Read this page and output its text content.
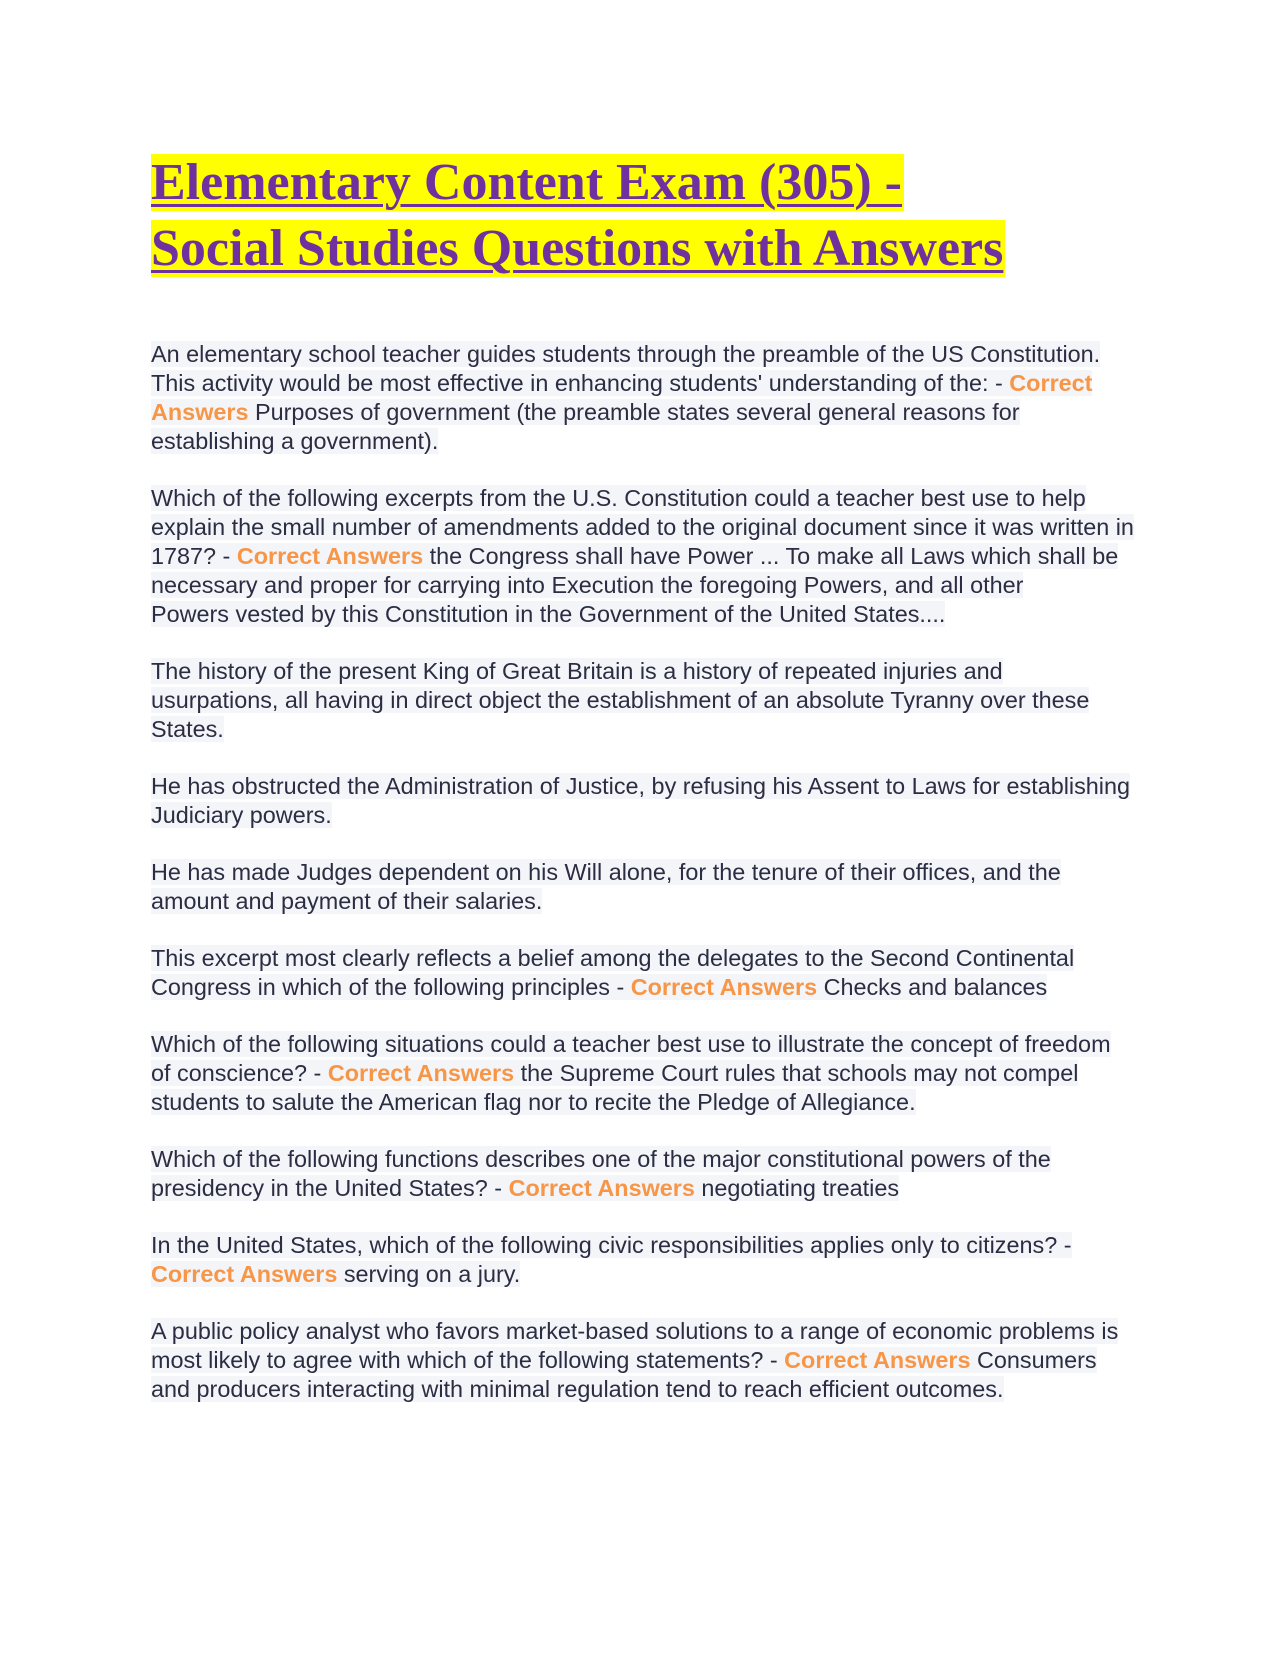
Elementary Content Exam (305) -
Social Studies Questions with Answers

An elementary school teacher guides students through the preamble of the US Constitution. This activity would be most effective in enhancing students' understanding of the: - Correct Answers Purposes of government (the preamble states several general reasons for establishing a government).

Which of the following excerpts from the U.S. Constitution could a teacher best use to help explain the small number of amendments added to the original document since it was written in 1787? - Correct Answers the Congress shall have Power ... To make all Laws which shall be necessary and proper for carrying into Execution the foregoing Powers, and all other
Powers vested by this Constitution in the Government of the United States....

The history of the present King of Great Britain is a history of repeated injuries and usurpations, all having in direct object the establishment of an absolute Tyranny over these States.

He has obstructed the Administration of Justice, by refusing his Assent to Laws for establishing Judiciary powers.

He has made Judges dependent on his Will alone, for the tenure of their offices, and the amount and payment of their salaries.

This excerpt most clearly reflects a belief among the delegates to the Second Continental Congress in which of the following principles - Correct Answers Checks and balances

Which of the following situations could a teacher best use to illustrate the concept of freedom of conscience? - Correct Answers the Supreme Court rules that schools may not compel students to salute the American flag nor to recite the Pledge of Allegiance.

Which of the following functions describes one of the major constitutional powers of the presidency in the United States? - Correct Answers negotiating treaties

In the United States, which of the following civic responsibilities applies only to citizens? - Correct Answers serving on a jury.

A public policy analyst who favors market-based solutions to a range of economic problems is most likely to agree with which of the following statements? - Correct Answers Consumers and producers interacting with minimal regulation tend to reach efficient outcomes.
